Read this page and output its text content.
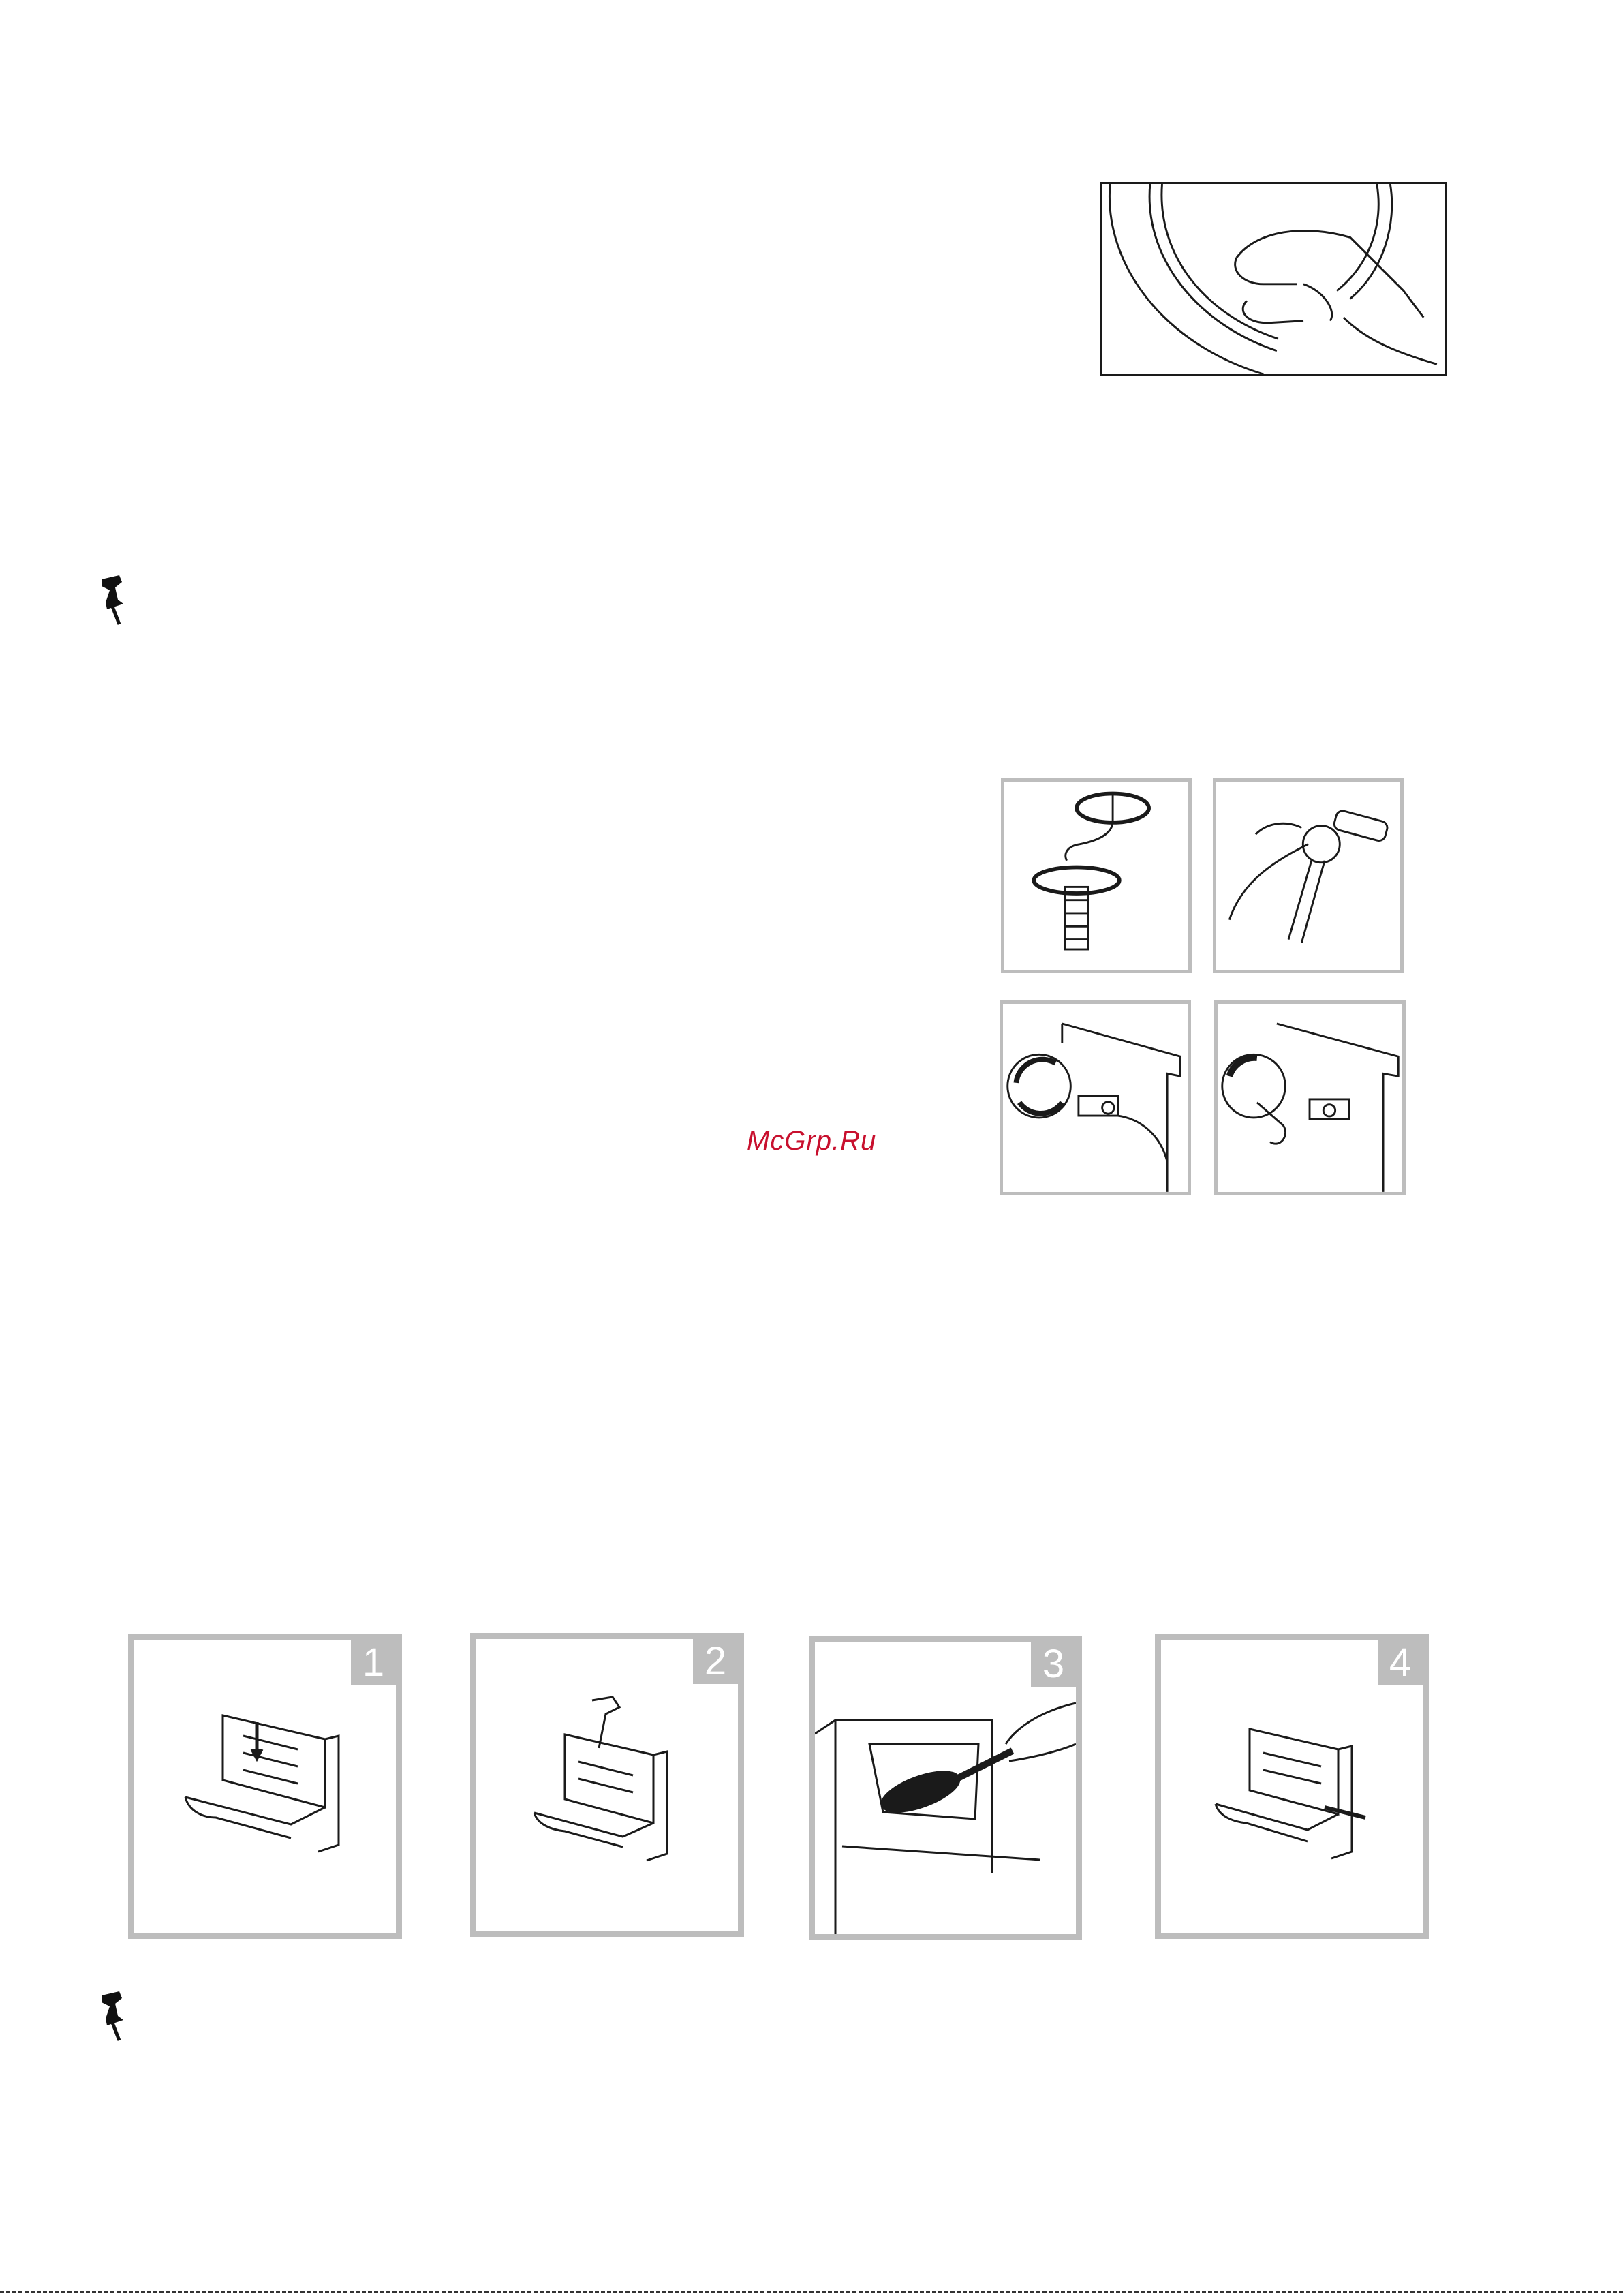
McGrp.Ru
1	2	3	4
